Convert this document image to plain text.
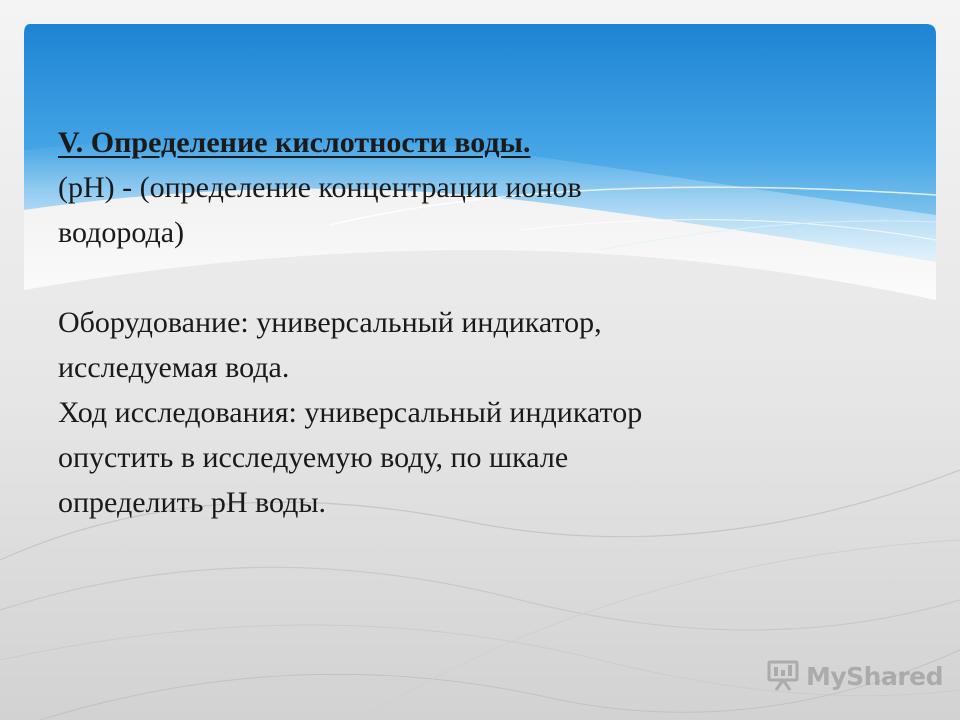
V. Определение кислотности воды.

(pH) - (определение концентрации ионов

водорода)

Оборудование: универсальный индикатор,

исследуемая вода.

Ход исследования: универсальный индикатор

опустить в исследуемую воду, по шкале

определить pH воды.

MyShared
